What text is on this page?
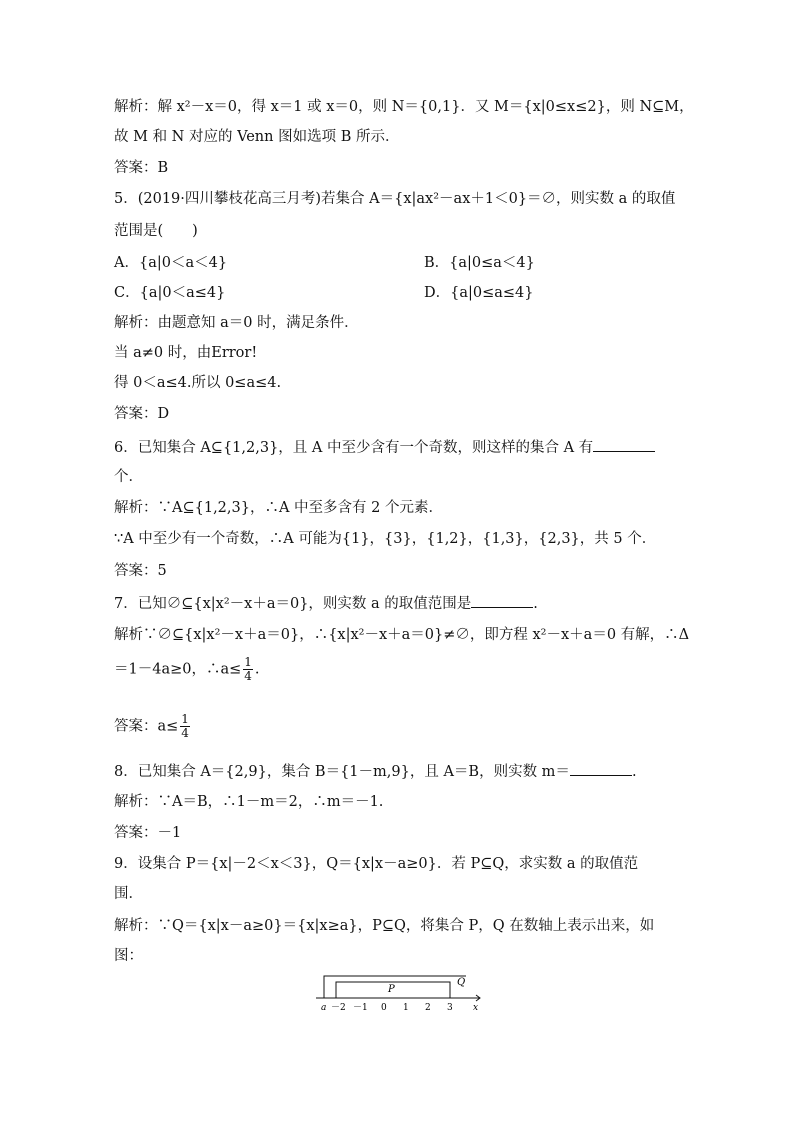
解析：解 x²－x＝0，得 x＝1 或 x＝0，则 N＝{0,1}．又 M＝{x|0≤x≤2}，则 N⊆M，
故 M 和 N 对应的 Venn 图如选项 B 所示．
答案：B
5．(2019·四川攀枝花高三月考)若集合 A＝{x|ax²－ax＋1＜0}＝∅，则实数 a 的取值
范围是(　　)
A．{a|0＜a＜4}	B．{a|0≤a＜4}
C．{a|0＜a≤4}	D．{a|0≤a≤4}
解析：由题意知 a＝0 时，满足条件．
当 a≠0 时，由Error!
得 0＜a≤4.所以 0≤a≤4.
答案：D
6．已知集合 A⊆{1,2,3}，且 A 中至少含有一个奇数，则这样的集合 A 有
个．
解析：∵A⊆{1,2,3}，∴A 中至多含有 2 个元素．
∵A 中至少有一个奇数，∴A 可能为{1}，{3}，{1,2}，{1,3}，{2,3}，共 5 个．
答案：5
7．已知∅⊆{x|x²－x＋a＝0}，则实数 a 的取值范围是	.
解析∵∅⊆{x|x²－x＋a＝0}，∴{x|x²－x＋a＝0}≠∅，即方程 x²－x＋a＝0 有解，∴Δ
＝1－4a≥0，∴a≤ $\frac{1}{4}$ .
答案：$a\le \frac{1}{4}$
8．已知集合 A＝{2,9}，集合 B＝{1－m,9}，且 A＝B，则实数 m＝	.
解析：∵A＝B，∴1－m＝2，∴m＝－1.
答案：－1
9．设集合 P＝{x|－2＜x＜3}，Q＝{x|x－a≥0}．若 P⊆Q，求实数 a 的取值范
围．
解析：∵Q＝{x|x－a≥0}＝{x|x≥a}，P⊆Q，将集合 P，Q 在数轴上表示出来，如
图：
P
Q
a －2 －1 0 1 2 3 x
